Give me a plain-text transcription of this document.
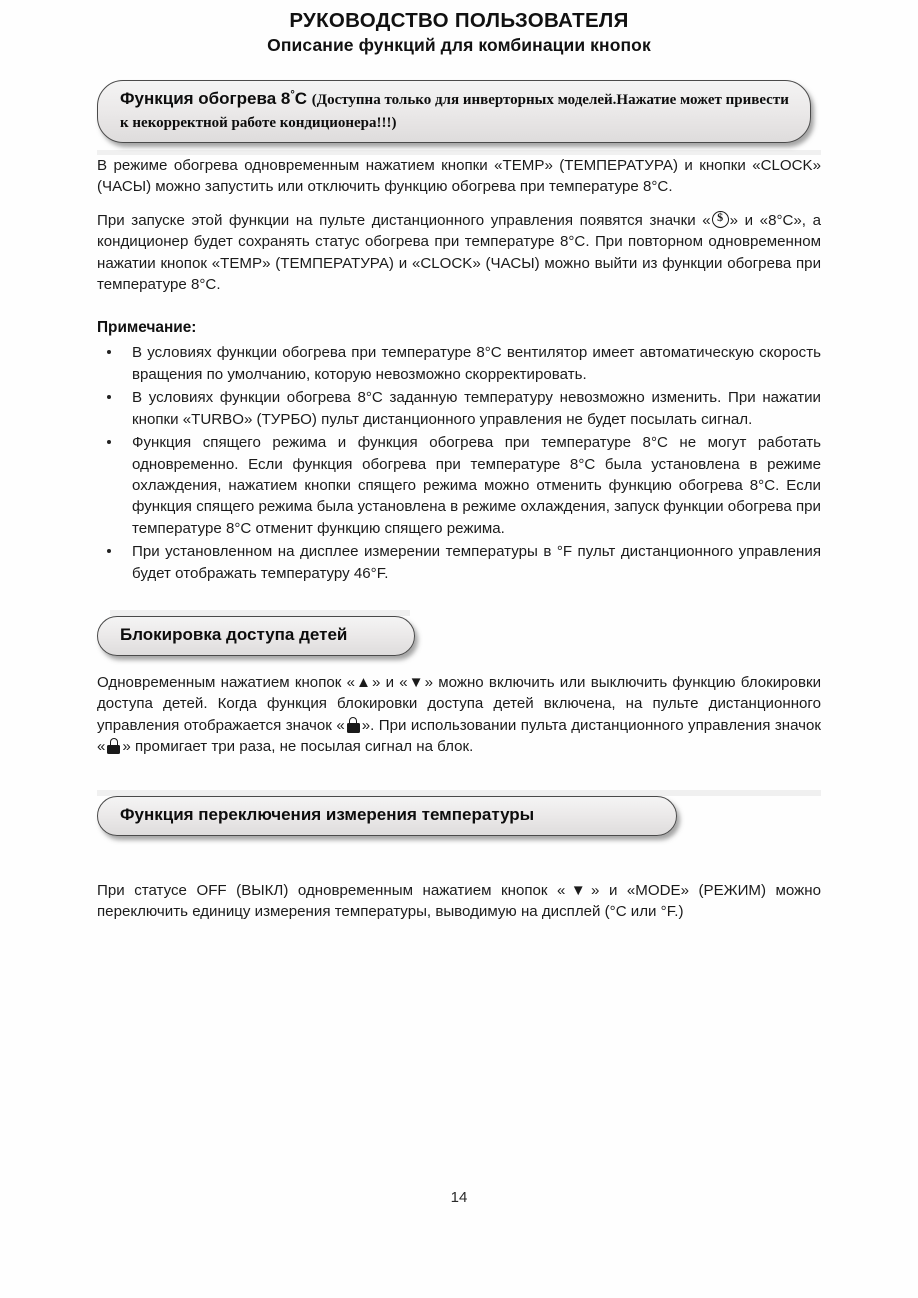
РУКОВОДСТВО ПОЛЬЗОВАТЕЛЯ
Описание функций для комбинации кнопок
Функция обогрева 8°C (Доступна только для инверторных моделей.Нажатие может привести к некорректной работе кондиционера!!!)

В режиме обогрева одновременным нажатием кнопки «TEMP» (ТЕМПЕРАТУРА) и кнопки «CLOCK» (ЧАСЫ) можно запустить или отключить функцию обогрева при температуре 8°C.

При запуске этой функции на пульте дистанционного управления появятся значки « $ » и «8°C», а кондиционер будет сохранять статус обогрева при температуре 8°C. При повторном одновременном нажатии кнопок «TEMP» (ТЕМПЕРАТУРА) и «CLOCK» (ЧАСЫ) можно выйти из функции обогрева при температуре 8°C.

Примечание:
В условиях функции обогрева при температуре 8°C вентилятор имеет автоматическую скорость вращения по умолчанию, которую невозможно скорректировать.
В условиях функции обогрева 8°C заданную температуру невозможно изменить. При нажатии кнопки «TURBO» (ТУРБО) пульт дистанционного управления не будет посылать сигнал.
Функция спящего режима и функция обогрева при температуре 8°C не могут работать одновременно. Если функция обогрева при температуре 8°C была установлена в режиме охлаждения, нажатием кнопки спящего режима можно отменить функцию обогрева 8°C. Если функция спящего режима была установлена в режиме охлаждения, запуск функции обогрева при температуре 8°C отменит функцию спящего режима.
При установленном на дисплее измерении температуры в °F пульт дистанционного управления будет отображать температуру 46°F.
Блокировка доступа детей

Одновременным нажатием кнопок «▲» и «▼» можно включить или выключить функцию блокировки доступа детей. Когда функция блокировки доступа детей включена, на пульте дистанционного управления отображается значок « ». При использовании пульта дистанционного управления значок « » промигает три раза, не посылая сигнал на блок.

Функция переключения измерения температуры

При статусе OFF (ВЫКЛ) одновременным нажатием кнопок «▼» и «MODE» (РЕЖИМ) можно переключить единицу измерения температуры, выводимую на дисплей (°C или °F.)

14
